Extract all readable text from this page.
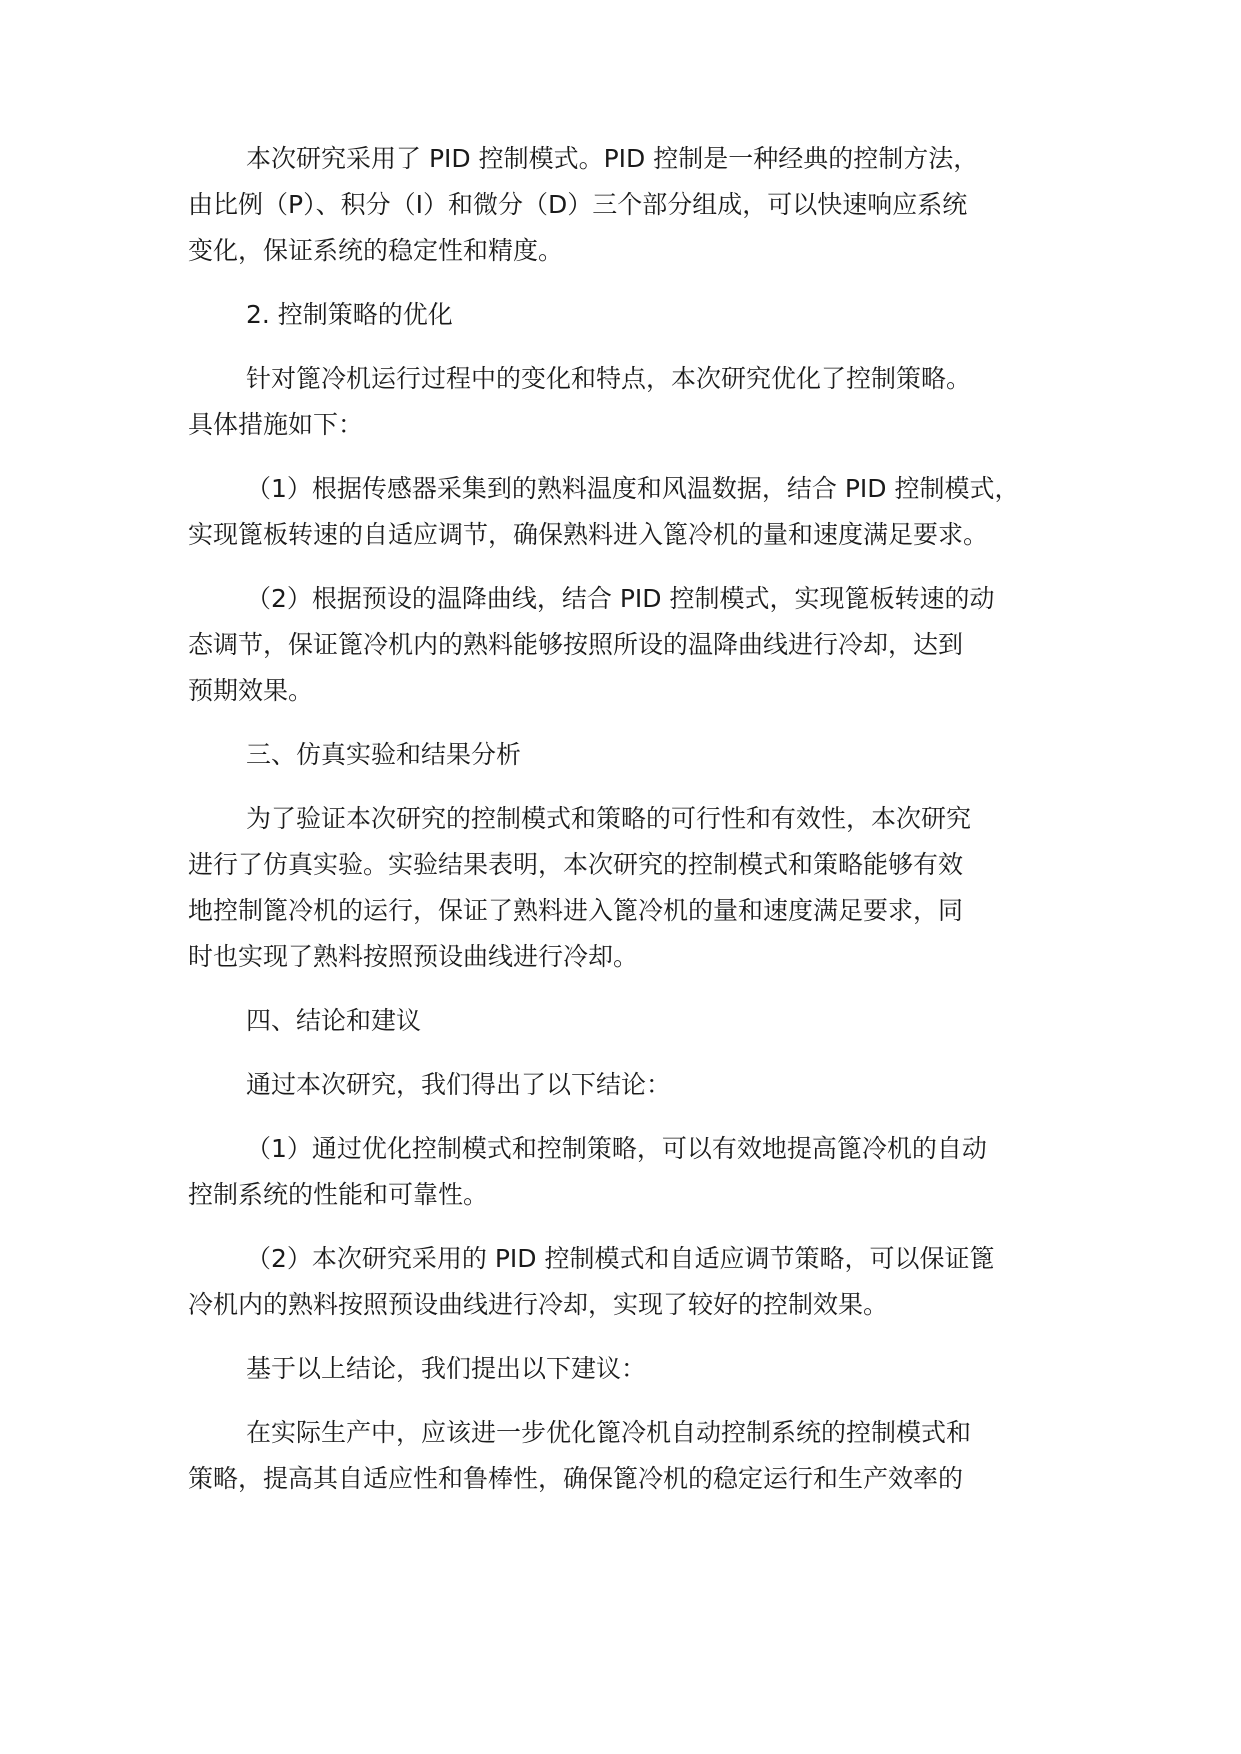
本次研究采用了 PID 控制模式。PID 控制是一种经典的控制方法，
由比例（P）、积分（I）和微分（D）三个部分组成，可以快速响应系统
变化，保证系统的稳定性和精度。

2. 控制策略的优化

针对篦冷机运行过程中的变化和特点，本次研究优化了控制策略。
具体措施如下：

（1）根据传感器采集到的熟料温度和风温数据，结合 PID 控制模式，
实现篦板转速的自适应调节，确保熟料进入篦冷机的量和速度满足要求。

（2）根据预设的温降曲线，结合 PID 控制模式，实现篦板转速的动
态调节，保证篦冷机内的熟料能够按照所设的温降曲线进行冷却，达到
预期效果。

三、仿真实验和结果分析

为了验证本次研究的控制模式和策略的可行性和有效性，本次研究
进行了仿真实验。实验结果表明，本次研究的控制模式和策略能够有效
地控制篦冷机的运行，保证了熟料进入篦冷机的量和速度满足要求，同
时也实现了熟料按照预设曲线进行冷却。

四、结论和建议

通过本次研究，我们得出了以下结论：

（1）通过优化控制模式和控制策略，可以有效地提高篦冷机的自动
控制系统的性能和可靠性。

（2）本次研究采用的 PID 控制模式和自适应调节策略，可以保证篦
冷机内的熟料按照预设曲线进行冷却，实现了较好的控制效果。

基于以上结论，我们提出以下建议：

在实际生产中，应该进一步优化篦冷机自动控制系统的控制模式和
策略，提高其自适应性和鲁棒性，确保篦冷机的稳定运行和生产效率的
